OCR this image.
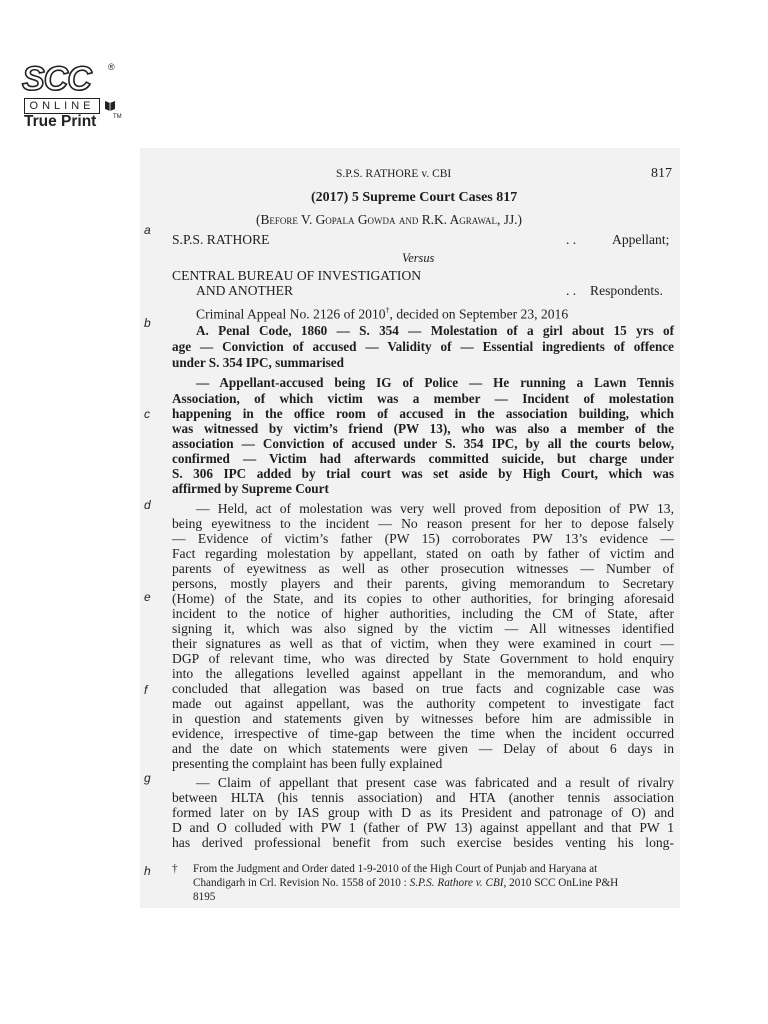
SCC ®
ONLINE
True Print	TM
S.P.S. RATHORE v. CBI	817
(2017) 5 Supreme Court Cases 817
(Before V. Gopala Gowda and R.K. Agrawal, JJ.)
a
b
c
d
e
f
g
h
S.P.S. RATHORE	. .	Appellant;
Versus
CENTRAL BUREAU OF INVESTIGATION
AND ANOTHER	. . Respondents.
Criminal Appeal No. 2126 of 2010†, decided on September 23, 2016
A. Penal Code, 1860 — S. 354 — Molestation of a girl about 15 yrs of
age — Conviction of accused — Validity of — Essential ingredients of offence
under S. 354 IPC, summarised
— Appellant-accused being IG of Police — He running a Lawn Tennis
Association, of which victim was a member — Incident of molestation
happening in the office room of accused in the association building, which
was witnessed by victim’s friend (PW 13), who was also a member of the
association — Conviction of accused under S. 354 IPC, by all the courts below,
confirmed — Victim had afterwards committed suicide, but charge under
S. 306 IPC added by trial court was set aside by High Court, which was
affirmed by Supreme Court
— Held, act of molestation was very well proved from deposition of PW 13,
being eyewitness to the incident — No reason present for her to depose falsely
— Evidence of victim’s father (PW 15) corroborates PW 13’s evidence —
Fact regarding molestation by appellant, stated on oath by father of victim and
parents of eyewitness as well as other prosecution witnesses — Number of
persons, mostly players and their parents, giving memorandum to Secretary
(Home) of the State, and its copies to other authorities, for bringing aforesaid
incident to the notice of higher authorities, including the CM of State, after
signing it, which was also signed by the victim — All witnesses identified
their signatures as well as that of victim, when they were examined in court —
DGP of relevant time, who was directed by State Government to hold enquiry
into the allegations levelled against appellant in the memorandum, and who
concluded that allegation was based on true facts and cognizable case was
made out against appellant, was the authority competent to investigate fact
in question and statements given by witnesses before him are admissible in
evidence, irrespective of time-gap between the time when the incident occurred
and the date on which statements were given — Delay of about 6 days in
presenting the complaint has been fully explained
— Claim of appellant that present case was fabricated and a result of rivalry
between HLTA (his tennis association) and HTA (another tennis association
formed later on by IAS group with D as its President and patronage of O) and
D and O colluded with PW 1 (father of PW 13) against appellant and that PW 1
has derived professional benefit from such exercise besides venting his long-
† From the Judgment and Order dated 1-9-2010 of the High Court of Punjab and Haryana at
Chandigarh in Crl. Revision No. 1558 of 2010 : S.P.S. Rathore v. CBI, 2010 SCC OnLine P&H
8195
